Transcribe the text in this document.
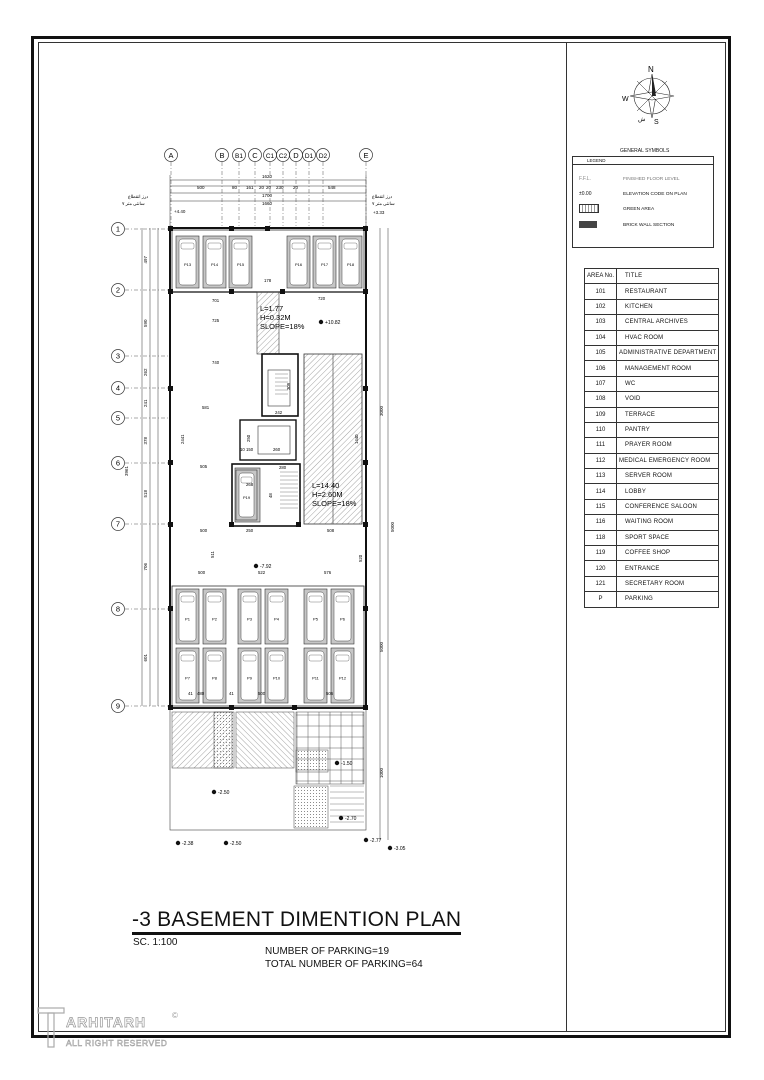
N
W
S
ش
A	B B1 C C1 C2 D D1 D2	E
1
2
3
4
5
6
7
8
9
1620
1700
1660
500	80 161 20 20 230 20	548
درز انقطاع
۷ سانتی متر
درز انقطاع
۷ سانتی متر
+4.40	+3.33
497
590
262
241
378
518
706
601
3961
3000
5000
5000
1000
P13	P14	P15	P16	P17	P18
P1	P2	P3	P4	P5	P6
P7	P8	P9	P10	P11	P12
P19
L=1.77
H=0.32M
SLOPE=18%
L=14.40
H=2.60M
SLOPE=18%
701	720
725
178
740
581
242
505
268
500	250	508
511
500	522	576
520
2441	1440
41 480	41	500	506
150	260
10
280
309
48
250
+10.82
-7.92
-1.50
-2.50
-2.70
-2.38	-2.50	-2.77
-3.05
GENERAL SYMBOLS
LEGEND
F.F.L.	FINISHED FLOOR LEVEL
±0.00	ELEVATION CODE ON PLAN
GREEN AREA
BRICK WALL SECTION
AREA No.	TITLE
101	RESTAURANT
102	KITCHEN
103	CENTRAL ARCHIVES
104	HVAC ROOM
105	ADMINISTRATIVE DEPARTMENT
106	MANAGEMENT ROOM
107	WC
108	VOID
109	TERRACE
110	PANTRY
111	PRAYER ROOM
112	MEDICAL EMERGENCY ROOM
113	SERVER ROOM
114	LOBBY
115	CONFERENCE SALOON
116	WAITING ROOM
118	SPORT SPACE
119	COFFEE SHOP
120	ENTRANCE
121	SECRETARY ROOM
P	PARKING
-3 BASEMENT DIMENTION PLAN
SC. 1:100
NUMBER OF PARKING=19
TOTAL NUMBER OF PARKING=64
ARHITARH	©
ALL RIGHT RESERVED
